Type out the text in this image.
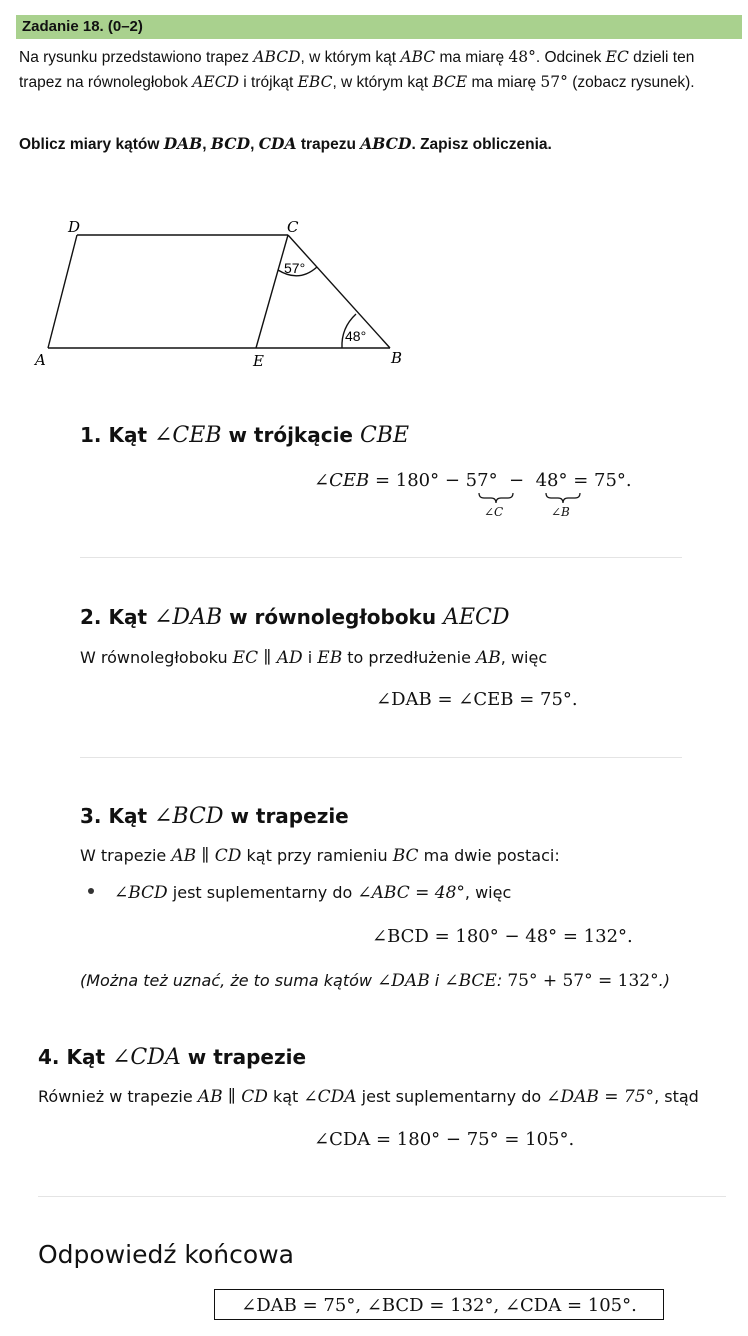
Zadanie 18. (0–2)
Na rysunku przedstawiono trapez ABCD, w którym kąt ABC ma miarę 48°. Odcinek EC dzieli ten trapez na równoległobok AECD i trójkąt EBC, w którym kąt BCE ma miarę 57° (zobacz rysunek).
Oblicz miary kątów DAB, BCD, CDA trapezu ABCD. Zapisz obliczenia.
D	C
A	E	B
57°
48°
1. Kąt ∠CEB w trójkącie CBE
∠CEB = 180° − 57° − 48° = 75°.
∠C	∠B
2. Kąt ∠DAB w równoległoboku AECD
W równoległoboku EC ∥ AD i EB to przedłużenie AB, więc
∠DAB = ∠CEB = 75°.
3. Kąt ∠BCD w trapezie
W trapezie AB ∥ CD kąt przy ramieniu BC ma dwie postaci:
∠BCD jest suplementarny do ∠ABC = 48°, więc
∠BCD = 180° − 48° = 132°.
(Można też uznać, że to suma kątów ∠DAB i ∠BCE: 75° + 57° = 132°.)
4. Kąt ∠CDA w trapezie
Również w trapezie AB ∥ CD kąt ∠CDA jest suplementarny do ∠DAB = 75°, stąd
∠CDA = 180° − 75° = 105°.
Odpowiedź końcowa
∠DAB = 75°, ∠BCD = 132°, ∠CDA = 105°.
